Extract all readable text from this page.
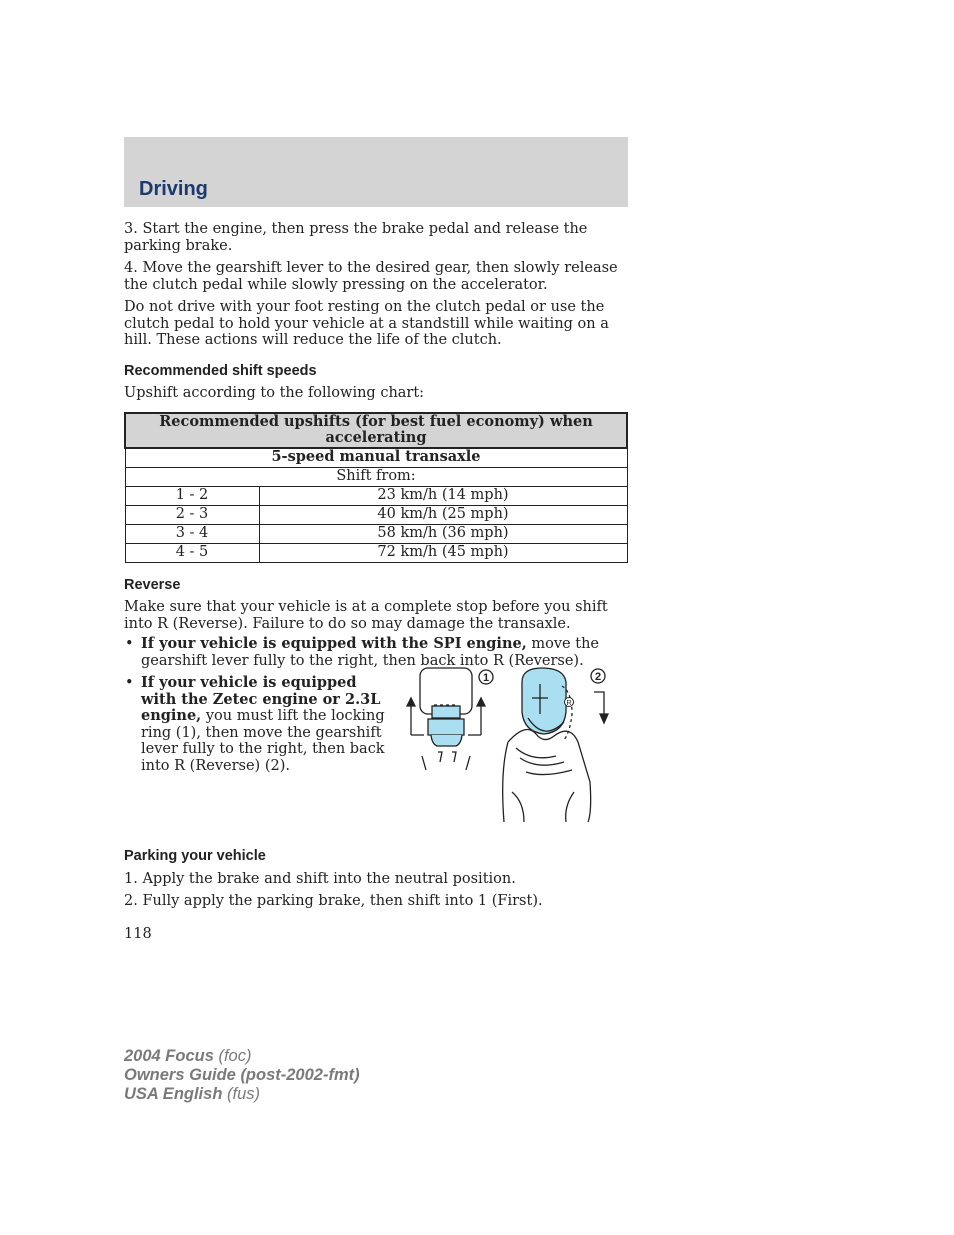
Driving

3. Start the engine, then press the brake pedal and release the parking brake.

4. Move the gearshift lever to the desired gear, then slowly release the clutch pedal while slowly pressing on the accelerator.

Do not drive with your foot resting on the clutch pedal or use the clutch pedal to hold your vehicle at a standstill while waiting on a hill. These actions will reduce the life of the clutch.

Recommended shift speeds

Upshift according to the following chart:

Recommended upshifts (for best fuel economy) when accelerating	
5-speed manual transaxle	
Shift from:	
1 - 2	23 km/h (14 mph)
2 - 3	40 km/h (25 mph)
3 - 4	58 km/h (36 mph)
4 - 5	72 km/h (45 mph)
Reverse

Make sure that your vehicle is at a complete stop before you shift into R (Reverse). Failure to do so may damage the transaxle.

• If your vehicle is equipped with the SPI engine, move the gearshift lever fully to the right, then back into R (Reverse).
• If your vehicle is equipped with the Zetec engine or 2.3L engine, you must lift the locking ring (1), then move the gearshift lever fully to the right, then back into R (Reverse) (2).
1
R
2
Parking your vehicle

1. Apply the brake and shift into the neutral position.

2. Fully apply the parking brake, then shift into 1 (First).

118
2004 Focus (foc)
Owners Guide (post-2002-fmt)
USA English (fus)
